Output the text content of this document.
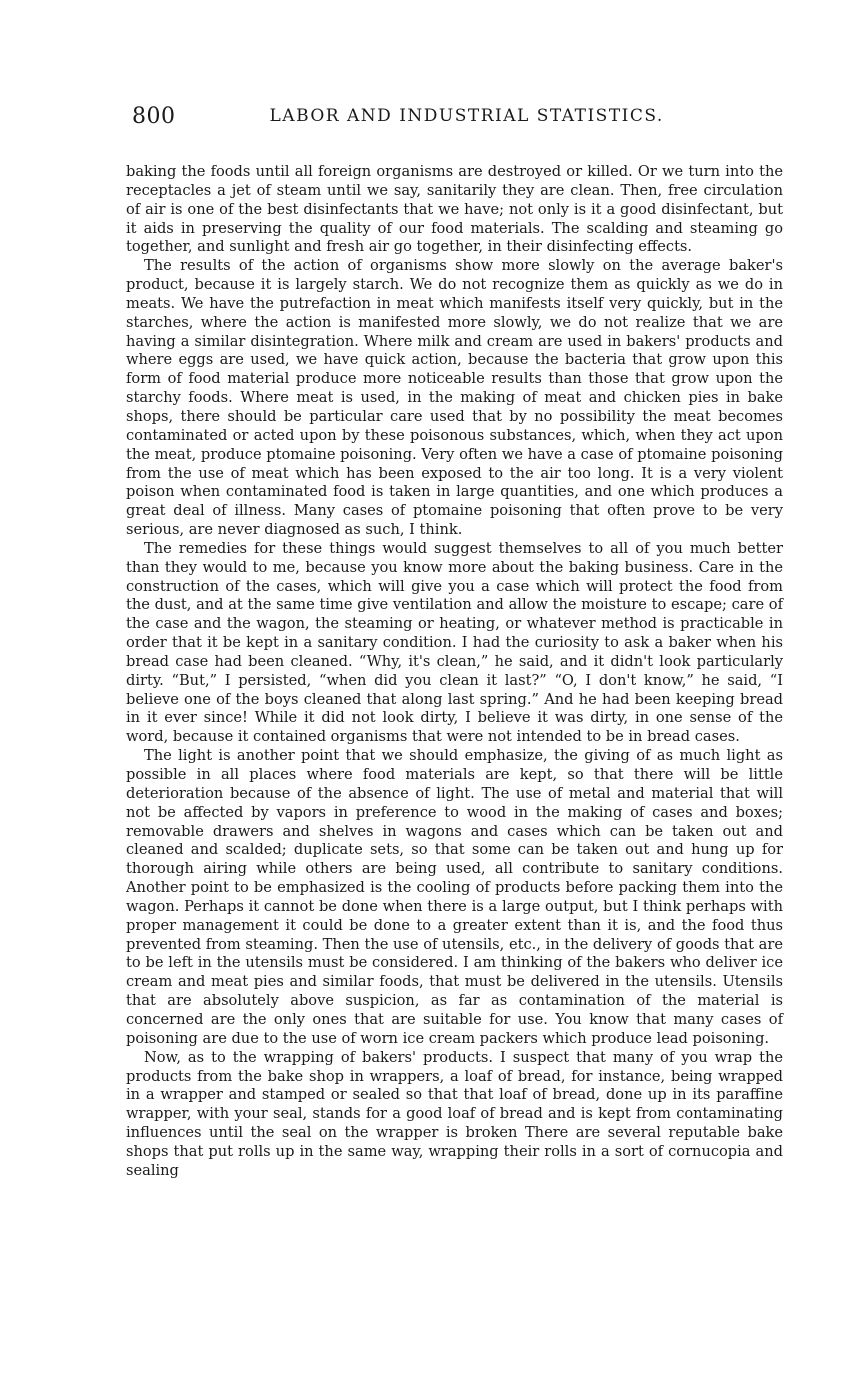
800	LABOR AND INDUSTRIAL STATISTICS.

baking the foods until all foreign organisms are destroyed or killed. Or we turn into the receptacles a jet of steam until we say, sanitarily they are clean. Then, free circulation of air is one of the best disinfectants that we have; not only is it a good disinfectant, but it aids in preserving the quality of our food materials. The scalding and steaming go together, and sunlight and fresh air go together, in their disinfecting effects.

The results of the action of organisms show more slowly on the average baker's product, because it is largely starch. We do not recognize them as quickly as we do in meats. We have the putrefaction in meat which manifests itself very quickly, but in the starches, where the action is manifested more slowly, we do not realize that we are having a similar disintegration. Where milk and cream are used in bakers' products and where eggs are used, we have quick action, because the bacteria that grow upon this form of food material produce more noticeable results than those that grow upon the starchy foods. Where meat is used, in the making of meat and chicken pies in bake shops, there should be particular care used that by no possibility the meat becomes contaminated or acted upon by these poisonous substances, which, when they act upon the meat, produce ptomaine poisoning. Very often we have a case of ptomaine poisoning from the use of meat which has been exposed to the air too long. It is a very violent poison when contaminated food is taken in large quantities, and one which produces a great deal of illness. Many cases of ptomaine poisoning that often prove to be very serious, are never diagnosed as such, I think.

The remedies for these things would suggest themselves to all of you much better than they would to me, because you know more about the baking business. Care in the construction of the cases, which will give you a case which will protect the food from the dust, and at the same time give ventilation and allow the moisture to escape; care of the case and the wagon, the steaming or heating, or whatever method is practicable in order that it be kept in a sanitary condition. I had the curiosity to ask a baker when his bread case had been cleaned. “Why, it's clean,” he said, and it didn't look particularly dirty. “But,” I persisted, “when did you clean it last?” “O, I don't know,” he said, “I believe one of the boys cleaned that along last spring.” And he had been keeping bread in it ever since! While it did not look dirty, I believe it was dirty, in one sense of the word, because it contained organisms that were not intended to be in bread cases.

The light is another point that we should emphasize, the giving of as much light as possible in all places where food materials are kept, so that there will be little deterioration because of the absence of light. The use of metal and material that will not be affected by vapors in preference to wood in the making of cases and boxes; removable drawers and shelves in wagons and cases which can be taken out and cleaned and scalded; duplicate sets, so that some can be taken out and hung up for thorough airing while others are being used, all contribute to sanitary conditions. Another point to be emphasized is the cooling of products before packing them into the wagon. Perhaps it cannot be done when there is a large output, but I think perhaps with proper management it could be done to a greater extent than it is, and the food thus prevented from steaming. Then the use of utensils, etc., in the delivery of goods that are to be left in the utensils must be considered. I am thinking of the bakers who deliver ice cream and meat pies and similar foods, that must be delivered in the utensils. Utensils that are absolutely above suspicion, as far as contamination of the material is concerned are the only ones that are suitable for use. You know that many cases of poisoning are due to the use of worn ice cream packers which produce lead poisoning.

Now, as to the wrapping of bakers' products. I suspect that many of you wrap the products from the bake shop in wrappers, a loaf of bread, for instance, being wrapped in a wrapper and stamped or sealed so that that loaf of bread, done up in its paraffine wrapper, with your seal, stands for a good loaf of bread and is kept from contaminating influences until the seal on the wrapper is broken There are several reputable bake shops that put rolls up in the same way, wrapping their rolls in a sort of cornucopia and sealing
